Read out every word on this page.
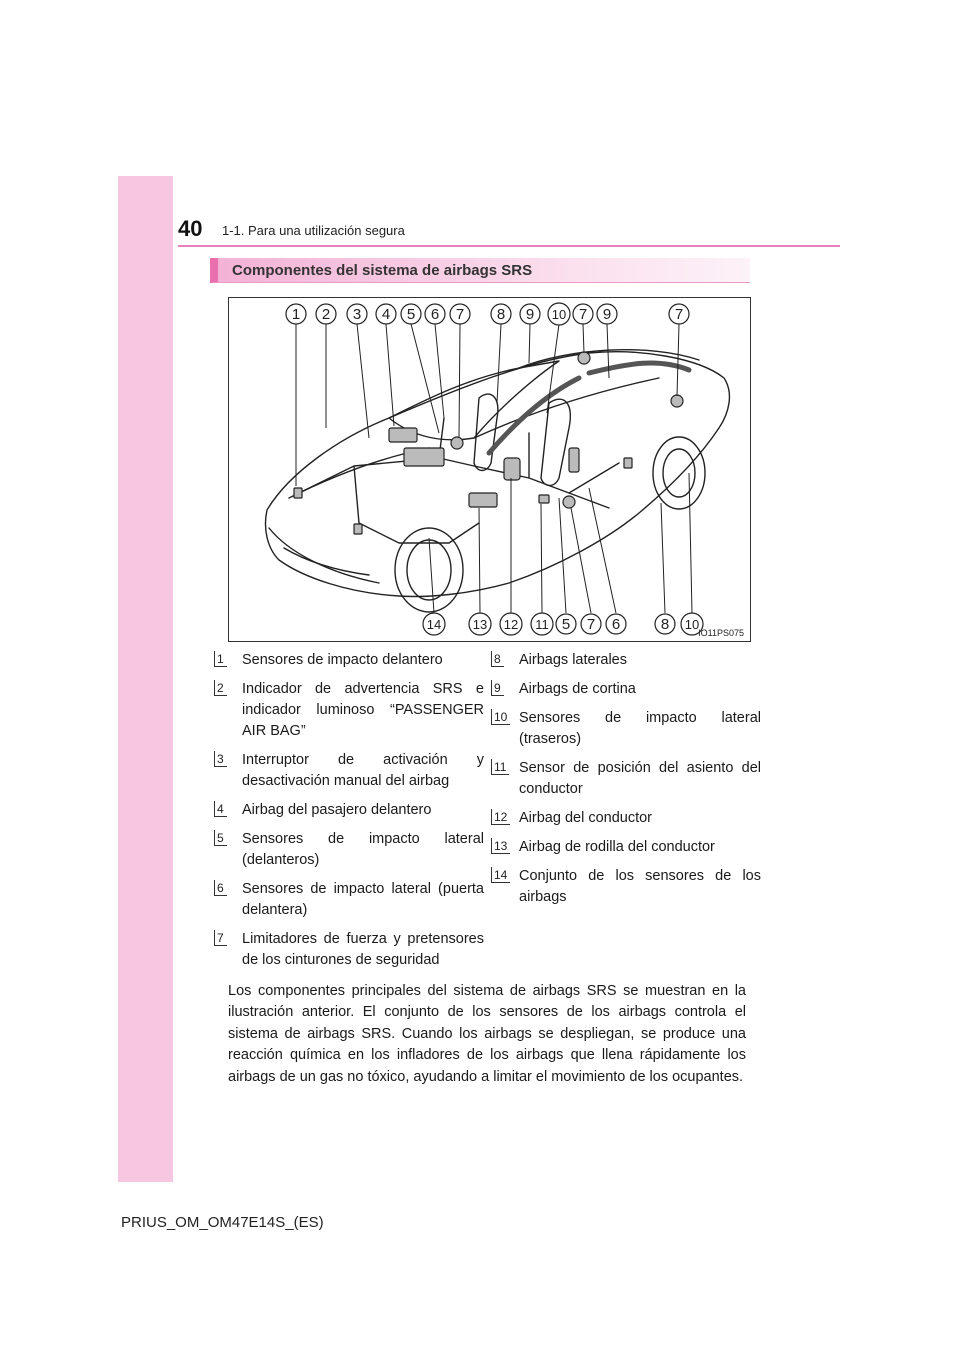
40 1-1. Para una utilización segura
Componentes del sistema de airbags SRS
1 2 3 4 5 6 7 8 9 10 7 9	7
14 13 12 11 5 7 6	8 10
IO11PS075
1 Sensores de impacto delantero
2 Indicador de advertencia SRS e indicador luminoso “PASSENGER AIR BAG”
3 Interruptor de activación y desactivación manual del airbag
4 Airbag del pasajero delantero
5 Sensores de impacto lateral (delanteros)
6 Sensores de impacto lateral (puerta delantera)
7 Limitadores de fuerza y pretensores de los cinturones de seguridad
8 Airbags laterales
9 Airbags de cortina
10 Sensores de impacto lateral (traseros)
11 Sensor de posición del asiento del conductor
12 Airbag del conductor
13 Airbag de rodilla del conductor
14 Conjunto de los sensores de los airbags

Los componentes principales del sistema de airbags SRS se muestran en la ilustración anterior. El conjunto de los sensores de los airbags controla el sistema de airbags SRS. Cuando los airbags se despliegan, se produce una reacción química en los infladores de los airbags que llena rápidamente los airbags de un gas no tóxico, ayudando a limitar el movimiento de los ocupantes.

PRIUS_OM_OM47E14S_(ES)
